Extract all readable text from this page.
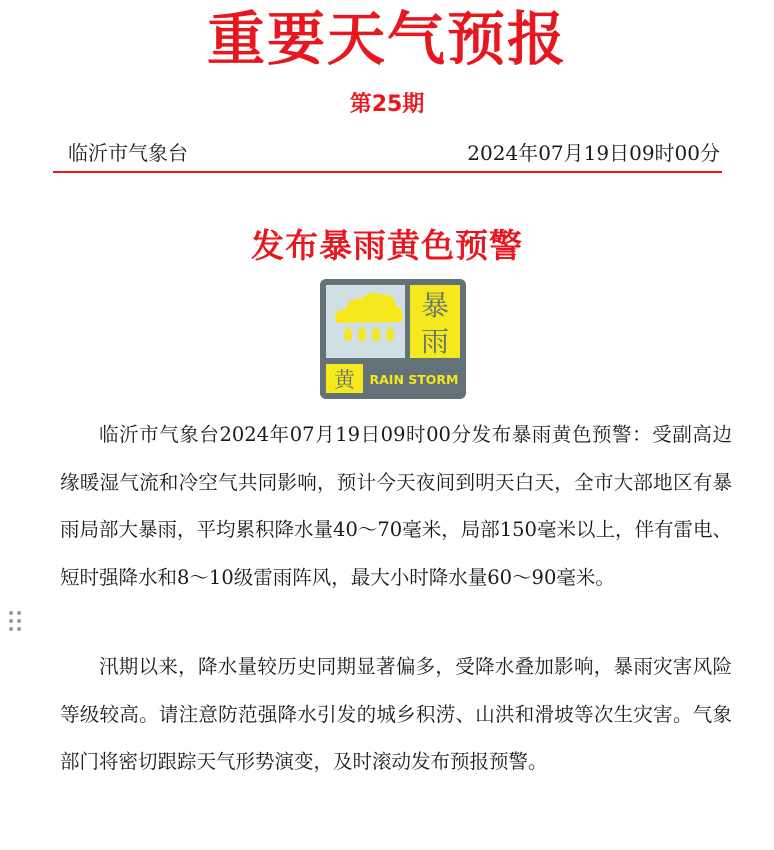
重要天气预报
第25期
临沂市气象台	2024年07月19日09时00分
发布暴雨黄色预警
暴雨
黄 RAIN STORM

临沂市气象台2024年07月19日09时00分发布暴雨黄色预警：受副高边缘暖湿气流和冷空气共同影响，预计今天夜间到明天白天，全市大部地区有暴雨局部大暴雨，平均累积降水量40～70毫米，局部150毫米以上，伴有雷电、短时强降水和8～10级雷雨阵风，最大小时降水量60～90毫米。

汛期以来，降水量较历史同期显著偏多，受降水叠加影响，暴雨灾害风险等级较高。请注意防范强降水引发的城乡积涝、山洪和滑坡等次生灾害。气象部门将密切跟踪天气形势演变，及时滚动发布预报预警。
